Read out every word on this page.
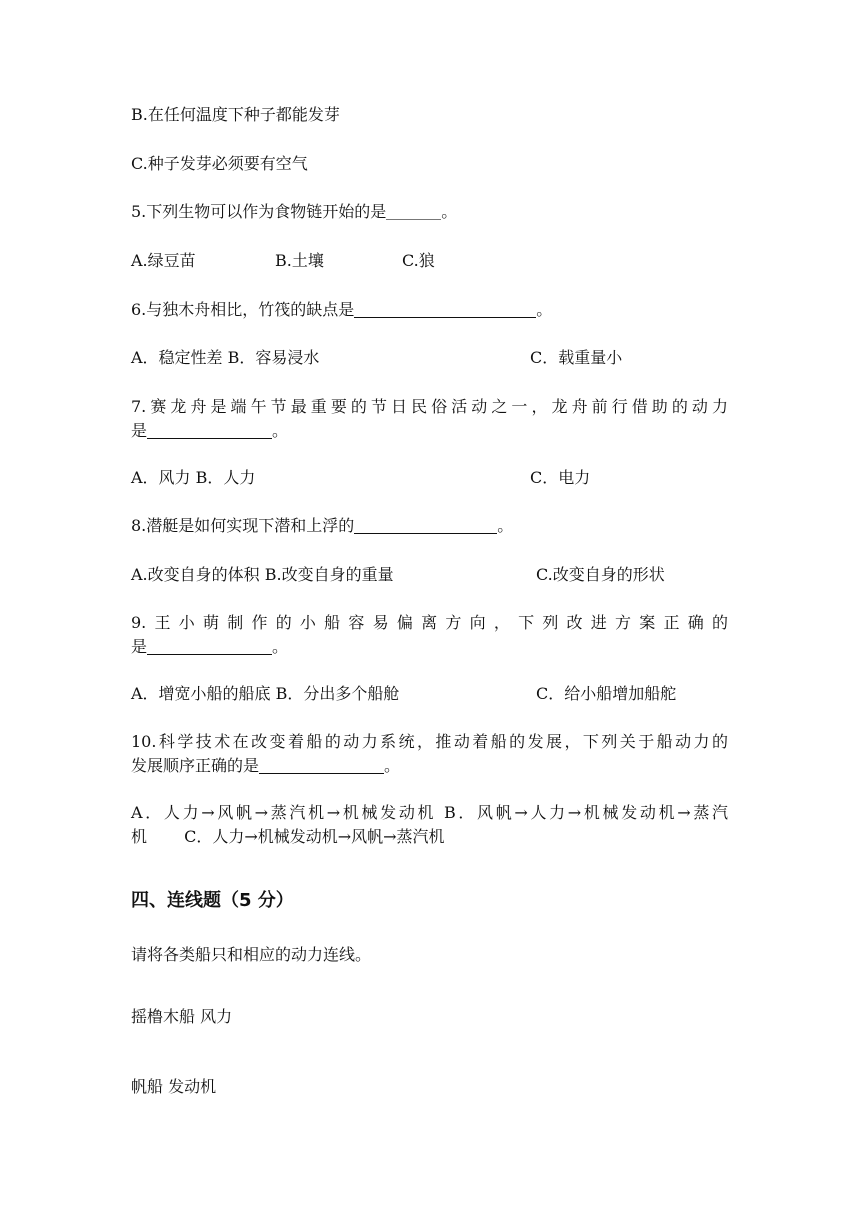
B.在任何温度下种子都能发芽
C.种子发芽必须要有空气
5.下列生物可以作为食物链开始的是	。
A.绿豆苗	B.土壤	C.狼
6.与独木舟相比，竹筏的缺点是	。
A．稳定性差 B．容易浸水	C．载重量小
7.赛龙舟是端午节最重要的节日民俗活动之一，龙舟前行借助的动力
是	。
A．风力 B．人力	C．电力
8.潜艇是如何实现下潜和上浮的	。
A.改变自身的体积 B.改变自身的重量	C.改变自身的形状
9.王小萌制作的小船容易偏离方向，下列改进方案正确的
是	。
A．增宽小船的船底 B．分出多个船舱	C．给小船增加船舵
10.科学技术在改变着船的动力系统，推动着船的发展，下列关于船动力的
发展顺序正确的是	。
A．人力→风帆→蒸汽机→机械发动机 B．风帆→人力→机械发动机→蒸汽
机　　 C．人力→机械发动机→风帆→蒸汽机
四、连线题（5 分）
请将各类船只和相应的动力连线。
摇橹木船 风力
帆船 发动机
